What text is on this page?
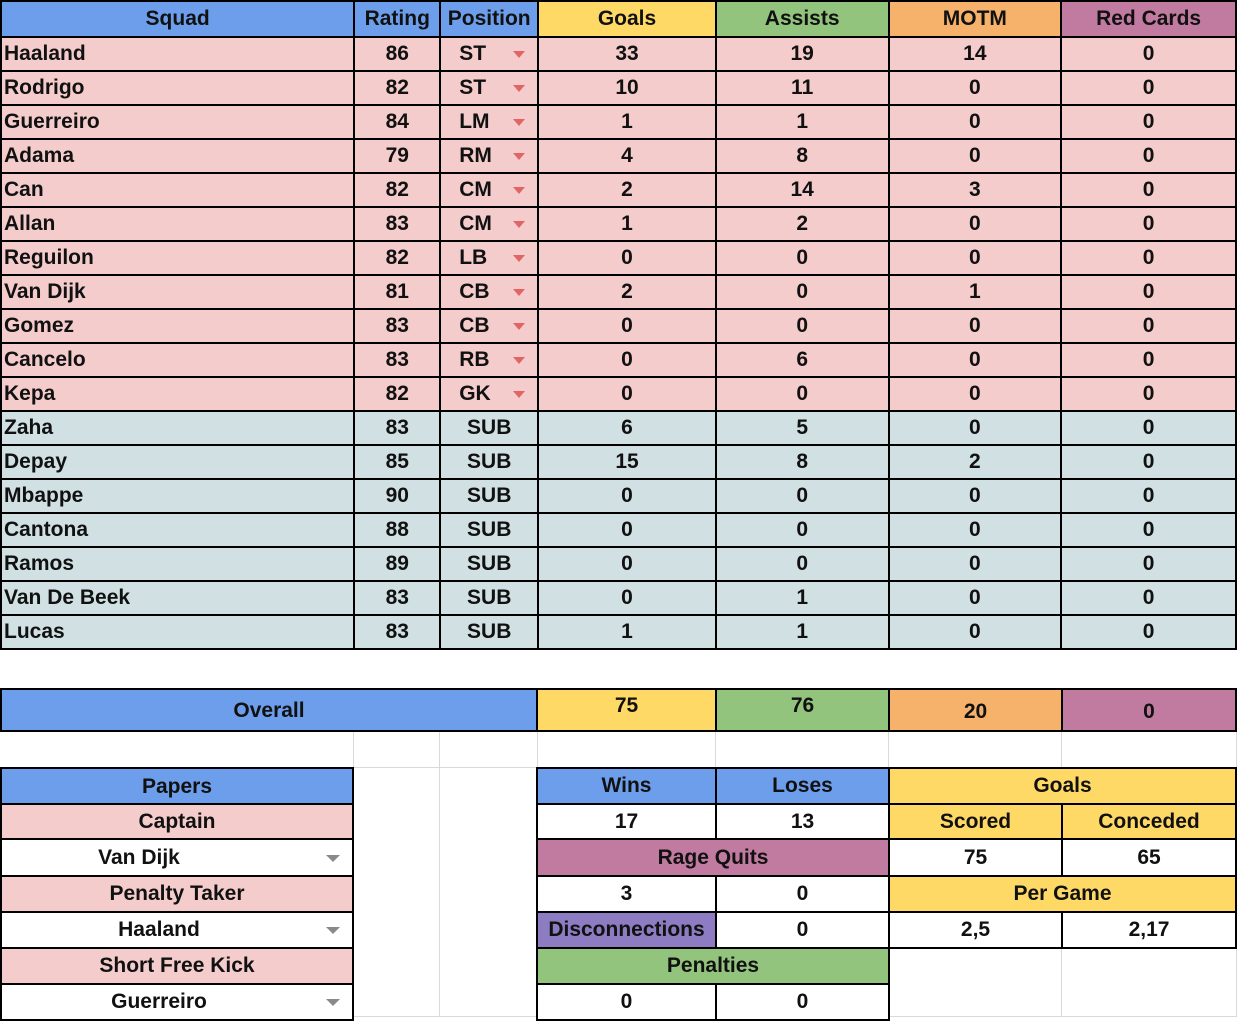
Squad	Rating	Position	Goals	Assists	MOTM	Red Cards
Haaland	86	ST	33	19	14	0
Rodrigo	82	ST	10	11	0	0
Guerreiro	84	LM	1	1	0	0
Adama	79	RM	4	8	0	0
Can	82	CM	2	14	3	0
Allan	83	CM	1	2	0	0
Reguilon	82	LB	0	0	0	0
Van Dijk	81	CB	2	0	1	0
Gomez	83	CB	0	0	0	0
Cancelo	83	RB	0	6	0	0
Kepa	82	GK	0	0	0	0
Zaha	83	SUB	6	5	0	0
Depay	85	SUB	15	8	2	0
Mbappe	90	SUB	0	0	0	0
Cantona	88	SUB	0	0	0	0
Ramos	89	SUB	0	0	0	0
Van De Beek	83	SUB	0	1	0	0
Lucas	83	SUB	1	1	0	0
Overall	75	76	20	0
Papers
Captain
Van Dijk
Penalty Taker
Haaland
Short Free Kick
Guerreiro
Wins	Loses
17	13
Rage Quits
3	0
Disconnections	0
Penalties
0	0
Goals
Scored	Conceded
75	65
Per Game
2,5	2,17
